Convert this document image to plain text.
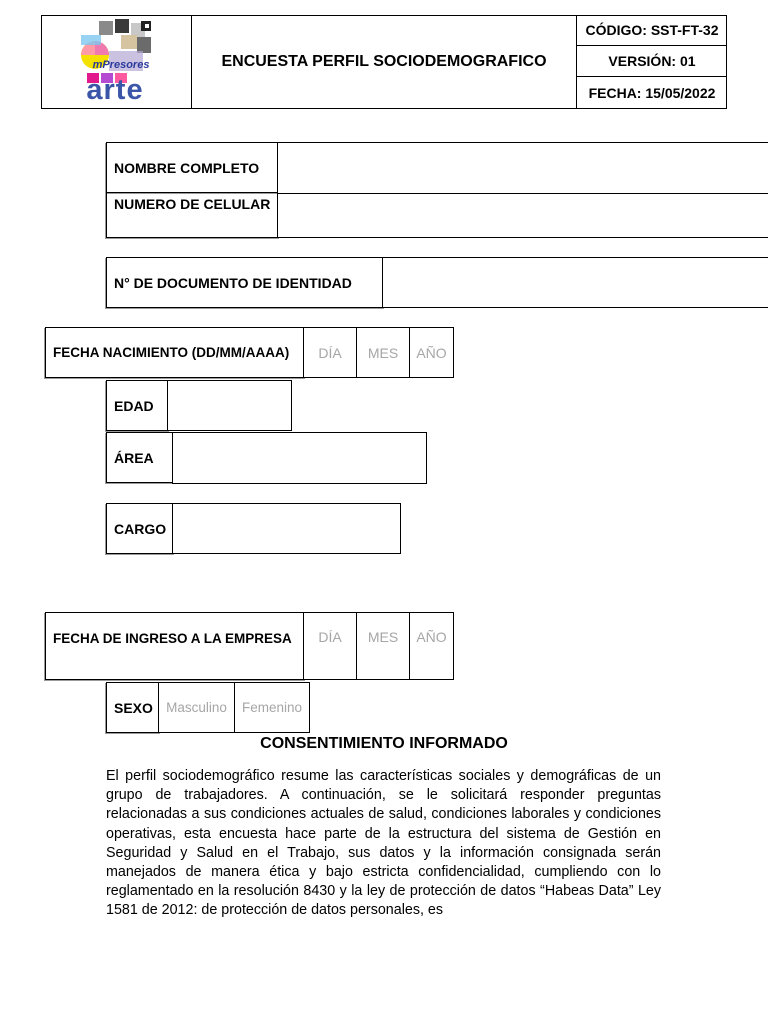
mPresores
arte
ENCUESTA PERFIL SOCIODEMOGRAFICO
CÓDIGO: SST-FT-32
VERSIÓN: 01
FECHA: 15/05/2022
NOMBRE COMPLETO
NUMERO DE CELULAR
N° DE DOCUMENTO DE IDENTIDAD
FECHA NACIMIENTO (DD/MM/AAAA)	DÍA	MES	AÑO
EDAD
ÁREA
CARGO
FECHA DE INGRESO A LA EMPRESA	DÍA	MES	AÑO
SEXO Masculino	Femenino
CONSENTIMIENTO INFORMADO
El perfil sociodemográfico resume las características sociales y demográficas de un grupo de trabajadores. A continuación, se le solicitará responder preguntas relacionadas a sus condiciones actuales de salud, condiciones laborales y condiciones operativas, esta encuesta hace parte de la estructura del sistema de Gestión en Seguridad y Salud en el Trabajo, sus datos y la información consignada serán manejados de manera ética y bajo estricta confidencialidad, cumpliendo con lo reglamentado en la resolución 8430 y la ley de protección de datos “Habeas Data” Ley 1581 de 2012: de protección de datos personales, es
